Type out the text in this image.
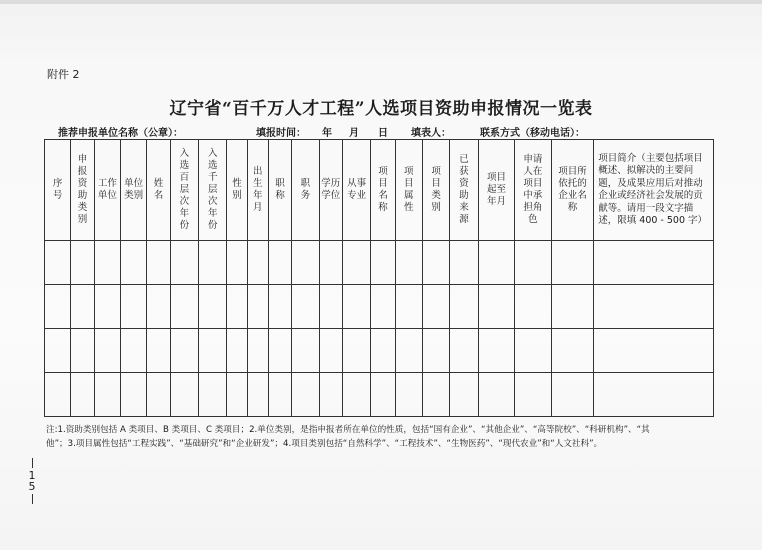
附件 2
辽宁省“百千万人才工程”人选项目资助申报情况一览表
推荐申报单位名称（公章）：	填报时间： 年 月 日 填表人：	联系方式（移动电话）：
序号	申报资助类别	工作单位	单位类别	姓名	入选百层次年份	入选千层次年份	性别	出生年月	职称	职务	学历学位	从事专业	项目名称	项目属性	项目类别	已获资助来源	项目起至年月	申请人在项目中承担角色	项目所依托的企业名称	项目简介（主要包括项目概述、拟解决的主要问题，及成果应用后对推动企业或经济社会发展的贡献等。请用一段文字描述，限填 400 - 500 字）

注:1.资助类别包括 A 类项目、B 类项目、C 类项目；2.单位类别，是指申报者所在单位的性质，包括“国有企业”、“其他企业”、“高等院校”、“科研机构”、“其
他”；3.项目属性包括“工程实践”、“基础研究”和“企业研发”；4.项目类别包括“自然科学”、“工程技术”、“生物医药”、“现代农业”和“人文社科”。
15
